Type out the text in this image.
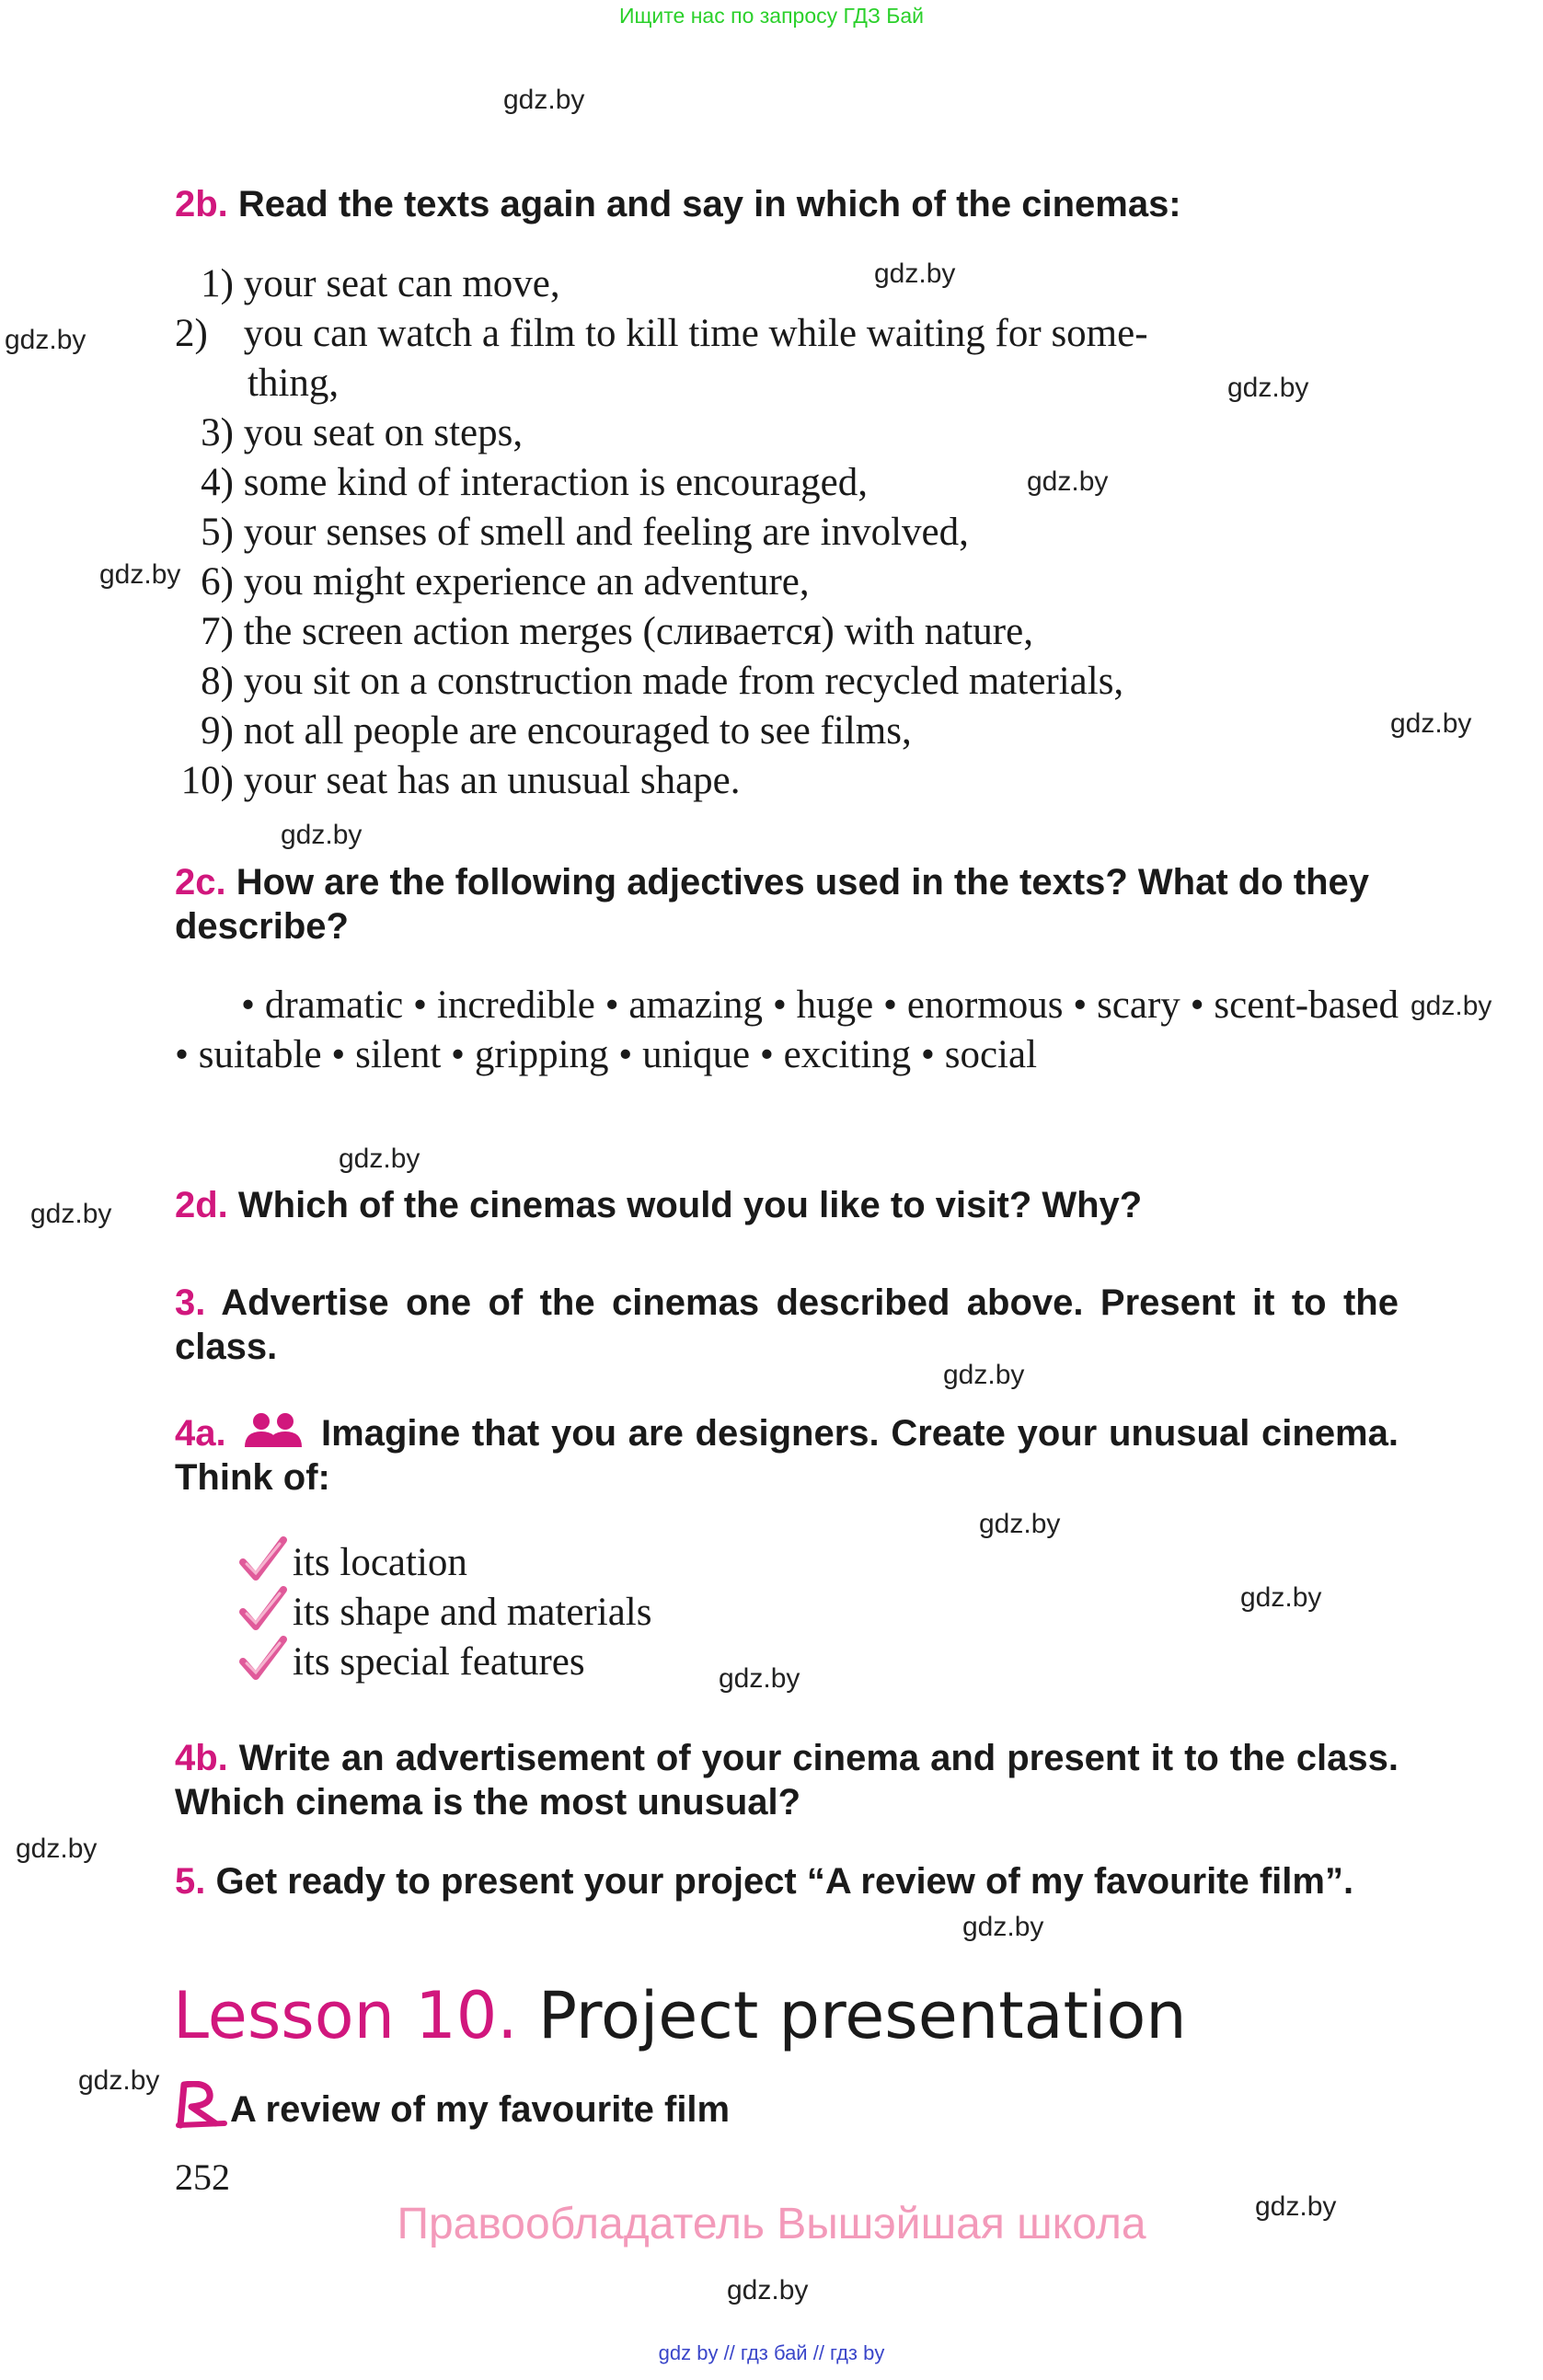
Ищите нас по запросу ГДЗ Бай
gdz.by
gdz.by
gdz.by
gdz.by
gdz.by
gdz.by
gdz.by
gdz.by
gdz.by
gdz.by
gdz.by
gdz.by
gdz.by
gdz.by
gdz.by
gdz.by
gdz.by
gdz.by
gdz.by
gdz.by
2b. Read the texts again and say in which of the cinemas:
1) your seat can move,
2) you can watch a film to kill time while waiting for some-
thing,
3) you seat on steps,
4) some kind of interaction is encouraged,
5) your senses of smell and feeling are involved,
6) you might experience an adventure,
7) the screen action merges (сливается) with nature,
8) you sit on a construction made from recycled materials,
9) not all people are encouraged to see films,
10) your seat has an unusual shape.
2c. How are the following adjectives used in the texts? What do they describe?
• dramatic • incredible • amazing • huge • enormous • scary • scent-based • suitable • silent • gripping • unique • exciting • social
2d. Which of the cinemas would you like to visit? Why?
3. Advertise one of the cinemas described above. Present it to the class.
4a.	Imagine that you are designers. Create your unusual cinema. Think of:
its location
its shape and materials
its special features
4b. Write an advertisement of your cinema and present it to the class. Which cinema is the most unusual?
5. Get ready to present your project “A review of my favourite film”.
Lesson 10. Project presentation
A review of my favourite film
252
Правообладатель Вышэйшая школа
gdz by // гдз бай // гдз by
